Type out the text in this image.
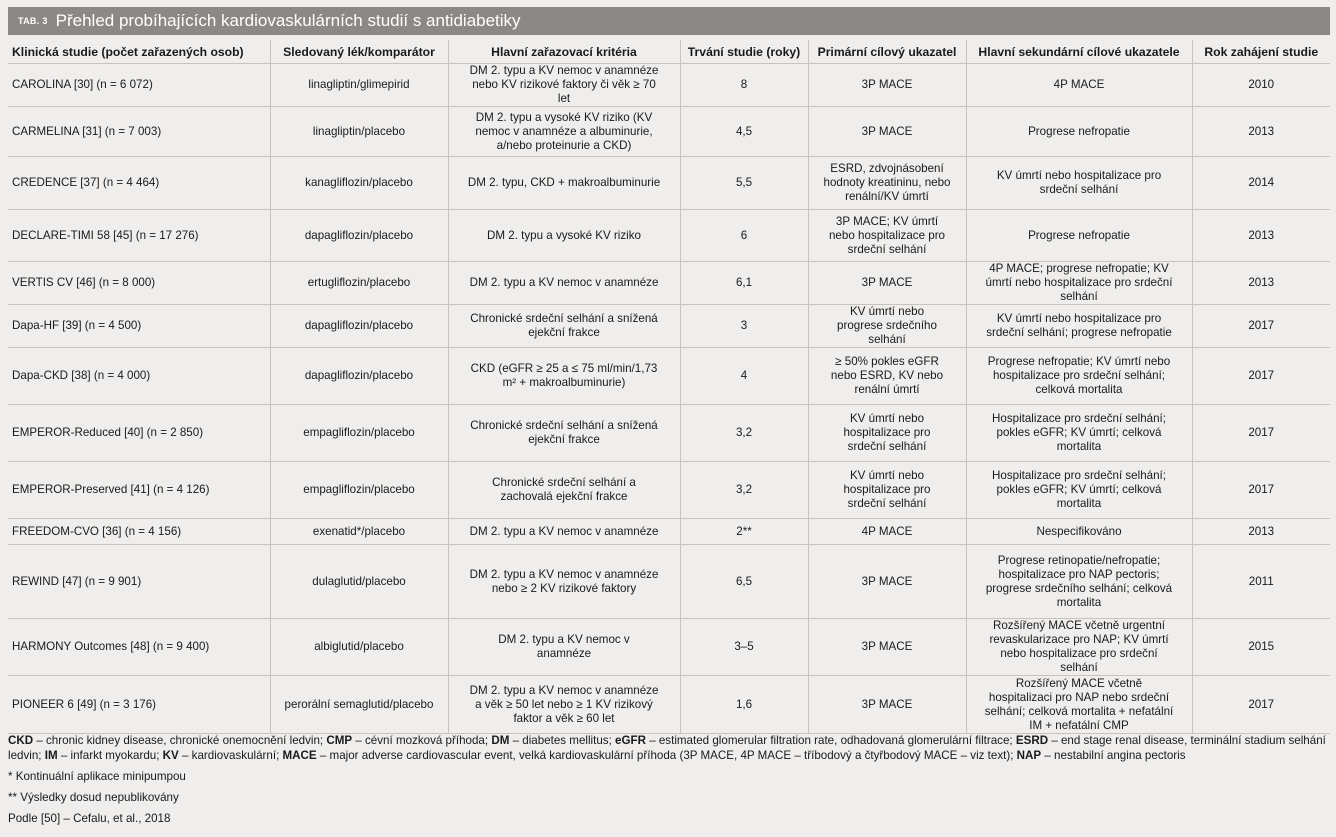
TAB. 3 Přehled probíhajících kardiovaskulárních studií s antidiabetiky
Klinická studie (počet zařazených osob)	Sledovaný lék/komparátor	Hlavní zařazovací kritéria	Trvání studie (roky)	Primární cílový ukazatel	Hlavní sekundární cílové ukazatele	Rok zahájení studie
CAROLINA [30] (n = 6 072)	linagliptin/glimepirid	DM 2. typu a KV nemoc v anamnéze nebo KV rizikové faktory či věk ≥ 70 let	8	3P MACE	4P MACE	2010
CARMELINA [31] (n = 7 003)	linagliptin/placebo	DM 2. typu a vysoké KV riziko (KV nemoc v anamnéze a albuminurie, a/nebo proteinurie a CKD)	4,5	3P MACE	Progrese nefropatie	2013
CREDENCE [37] (n = 4 464)	kanagliflozin/placebo	DM 2. typu, CKD + makroalbuminurie	5,5	ESRD, zdvojnásobení hodnoty kreatininu, nebo renální/KV úmrtí	KV úmrtí nebo hospitalizace pro srdeční selhání	2014
DECLARE-TIMI 58 [45] (n = 17 276)	dapagliflozin/placebo	DM 2. typu a vysoké KV riziko	6	3P MACE; KV úmrtí nebo hospitalizace pro srdeční selhání	Progrese nefropatie	2013
VERTIS CV [46] (n = 8 000)	ertugliflozin/placebo	DM 2. typu a KV nemoc v anamnéze	6,1	3P MACE	4P MACE; progrese nefropatie; KV úmrtí nebo hospitalizace pro srdeční selhání	2013
Dapa-HF [39] (n = 4 500)	dapagliflozin/placebo	Chronické srdeční selhání a snížená ejekční frakce	3	KV úmrtí nebo progrese srdečního selhání	KV úmrtí nebo hospitalizace pro srdeční selhání; progrese nefropatie	2017
Dapa-CKD [38] (n = 4 000)	dapagliflozin/placebo	CKD (eGFR ≥ 25 a ≤ 75 ml/min/1,73 m² + makroalbuminurie)	4	≥ 50% pokles eGFR nebo ESRD, KV nebo renální úmrtí	Progrese nefropatie; KV úmrtí nebo hospitalizace pro srdeční selhání; celková mortalita	2017
EMPEROR-Reduced [40] (n = 2 850)	empagliflozin/placebo	Chronické srdeční selhání a snížená ejekční frakce	3,2	KV úmrtí nebo hospitalizace pro srdeční selhání	Hospitalizace pro srdeční selhání; pokles eGFR; KV úmrtí; celková mortalita	2017
EMPEROR-Preserved [41] (n = 4 126)	empagliflozin/placebo	Chronické srdeční selhání a zachovalá ejekční frakce	3,2	KV úmrtí nebo hospitalizace pro srdeční selhání	Hospitalizace pro srdeční selhání; pokles eGFR; KV úmrtí; celková mortalita	2017
FREEDOM-CVO [36] (n = 4 156)	exenatid*/placebo	DM 2. typu a KV nemoc v anamnéze	2**	4P MACE	Nespecifikováno	2013
REWIND [47] (n = 9 901)	dulaglutid/placebo	DM 2. typu a KV nemoc v anamnéze nebo ≥ 2 KV rizikové faktory	6,5	3P MACE	Progrese retinopatie/nefropatie; hospitalizace pro NAP pectoris; progrese srdečního selhání; celková mortalita	2011
HARMONY Outcomes [48] (n = 9 400)	albiglutid/placebo	DM 2. typu a KV nemoc v anamnéze	3–5	3P MACE	Rozšířený MACE včetně urgentní revaskularizace pro NAP; KV úmrtí nebo hospitalizace pro srdeční selhání	2015
PIONEER 6 [49] (n = 3 176)	perorální semaglutid/placebo	DM 2. typu a KV nemoc v anamnéze a věk ≥ 50 let nebo ≥ 1 KV rizikový faktor a věk ≥ 60 let	1,6	3P MACE	Rozšířený MACE včetně hospitalizaci pro NAP nebo srdeční selhání; celková mortalita + nefatální IM + nefatální CMP	2017

CKD – chronic kidney disease, chronické onemocnění ledvin; CMP – cévní mozková příhoda; DM – diabetes mellitus; eGFR – estimated glomerular filtration rate, odhadovaná glomerulární filtrace; ESRD – end stage renal disease, terminální stadium selhání ledvin; IM – infarkt myokardu; KV – kardiovaskulární; MACE – major adverse cardiovascular event, velká kardiovaskulární příhoda (3P MACE, 4P MACE – tříbodový a čtyřbodový MACE – viz text); NAP – nestabilní angina pectoris

* Kontinuální aplikace minipumpou

** Výsledky dosud nepublikovány

Podle [50] – Cefalu, et al., 2018
